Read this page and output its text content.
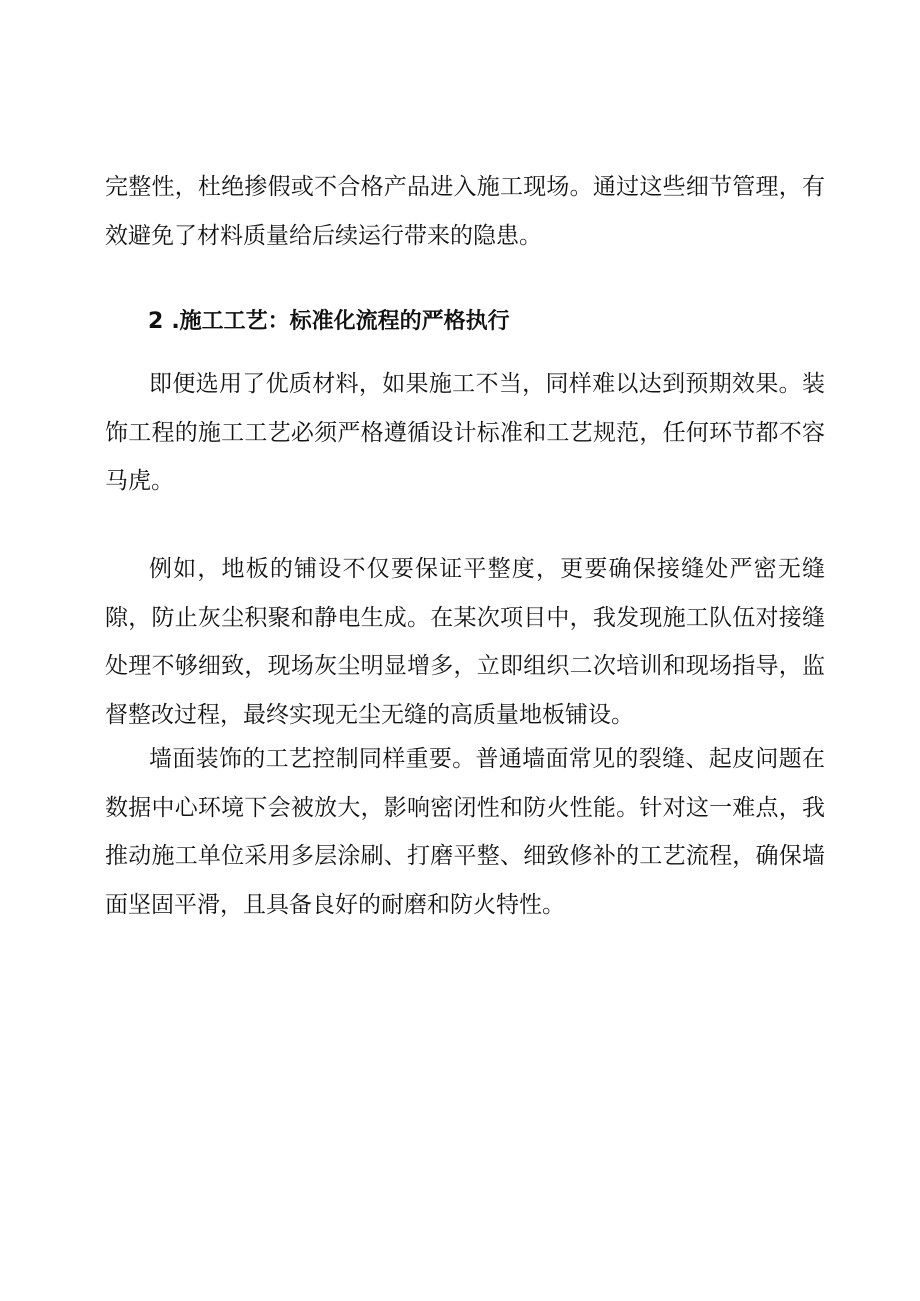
完整性，杜绝掺假或不合格产品进入施工现场。通过这些细节管理，有效避免了材料质量给后续运行带来的隐患。

2 .施工工艺：标准化流程的严格执行

即便选用了优质材料，如果施工不当，同样难以达到预期效果。装饰工程的施工工艺必须严格遵循设计标准和工艺规范，任何环节都不容马虎。

例如，地板的铺设不仅要保证平整度，更要确保接缝处严密无缝隙，防止灰尘积聚和静电生成。在某次项目中，我发现施工队伍对接缝处理不够细致，现场灰尘明显增多，立即组织二次培训和现场指导，监督整改过程，最终实现无尘无缝的高质量地板铺设。

墙面装饰的工艺控制同样重要。普通墙面常见的裂缝、起皮问题在数据中心环境下会被放大，影响密闭性和防火性能。针对这一难点，我推动施工单位采用多层涂刷、打磨平整、细致修补的工艺流程，确保墙面坚固平滑，且具备良好的耐磨和防火特性。
